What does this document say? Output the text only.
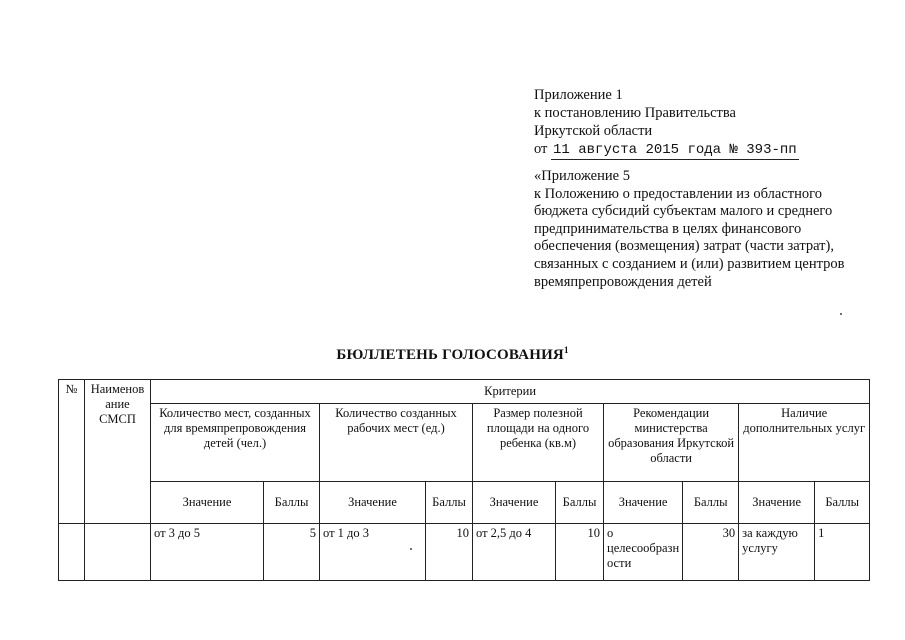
Приложение 1
к постановлению Правительства
Иркутской области
от 11 августа 2015 года № 393-пп
«Приложение 5
к Положению о предоставлении из областного
бюджета субсидий субъектам малого и среднего
предпринимательства в целях финансового
обеспечения (возмещения) затрат (части затрат),
связанных с созданием и (или) развитием центров
времяпрепровождения детей
БЮЛЛЕТЕНЬ ГОЛОСОВАНИЯ$^1$
№	Наименов ание СМСП	Критерии									
		Количество мест, созданных для времяпрепровождения детей (чел.)		Количество созданных рабочих мест (ед.)		Размер полезной площади на одного ребенка (кв.м)		Рекомендации министерства образования Иркутской области		Наличие дополнительных услуг	
		Значение	Баллы	Значение	Баллы	Значение	Баллы	Значение	Баллы	Значение	Баллы
		от 3 до 5	5	от 1 до 3	10	от 2,5 до 4	10	о целесообразн ости	30	за каждую услугу	1
